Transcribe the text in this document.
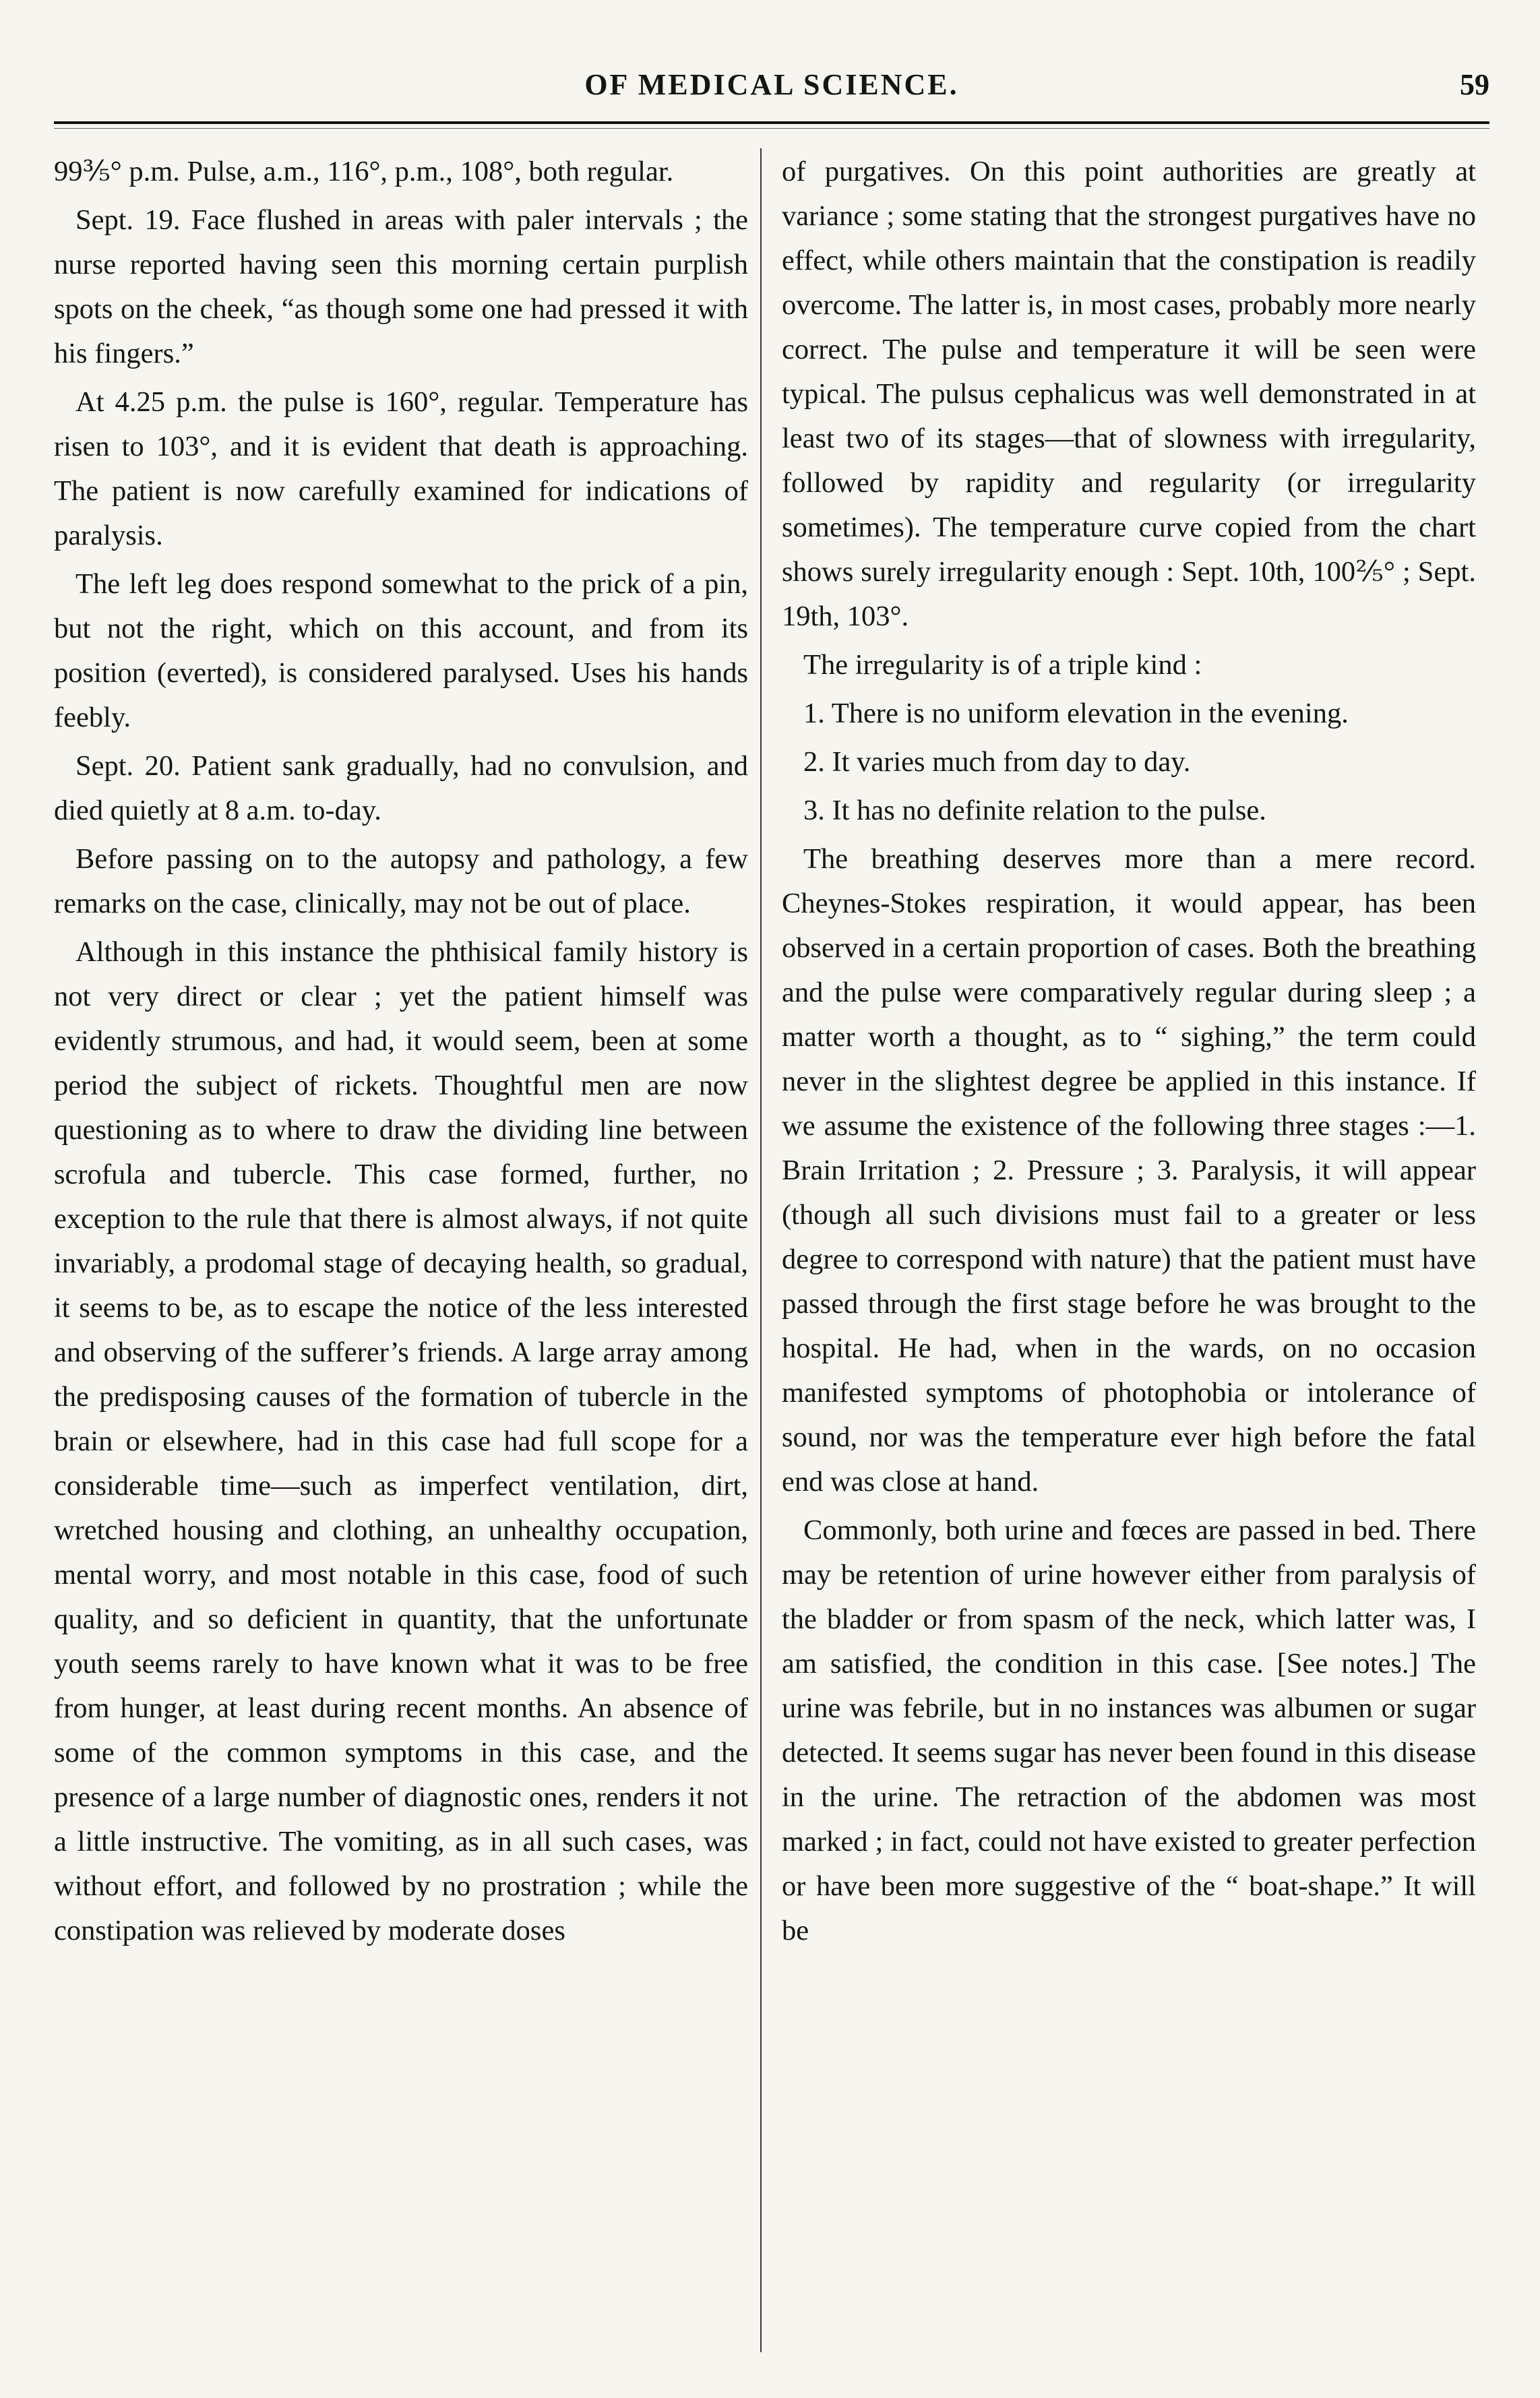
OF MEDICAL SCIENCE.	59

99⅗° p.m. Pulse, a.m., 116°, p.m., 108°, both regular.

Sept. 19. Face flushed in areas with paler intervals ; the nurse reported having seen this morning certain purplish spots on the cheek, “as though some one had pressed it with his fingers.”

At 4.25 p.m. the pulse is 160°, regular. Temperature has risen to 103°, and it is evident that death is approaching. The patient is now carefully examined for indications of paralysis.

The left leg does respond somewhat to the prick of a pin, but not the right, which on this account, and from its position (everted), is considered paralysed. Uses his hands feebly.

Sept. 20. Patient sank gradually, had no convulsion, and died quietly at 8 a.m. to-day.

Before passing on to the autopsy and pathology, a few remarks on the case, clinically, may not be out of place.

Although in this instance the phthisical family history is not very direct or clear ; yet the patient himself was evidently strumous, and had, it would seem, been at some period the subject of rickets. Thoughtful men are now questioning as to where to draw the dividing line between scrofula and tubercle. This case formed, further, no exception to the rule that there is almost always, if not quite invariably, a prodomal stage of decaying health, so gradual, it seems to be, as to escape the notice of the less interested and observing of the sufferer’s friends. A large array among the predisposing causes of the formation of tubercle in the brain or elsewhere, had in this case had full scope for a considerable time—such as imperfect ventilation, dirt, wretched housing and clothing, an unhealthy occupation, mental worry, and most notable in this case, food of such quality, and so deficient in quantity, that the unfortunate youth seems rarely to have known what it was to be free from hunger, at least during recent months. An absence of some of the common symptoms in this case, and the presence of a large number of diagnostic ones, renders it not a little instructive. The vomiting, as in all such cases, was without effort, and followed by no prostration ; while the constipation was relieved by moderate doses

of purgatives. On this point authorities are greatly at variance ; some stating that the strongest purgatives have no effect, while others maintain that the constipation is readily overcome. The latter is, in most cases, probably more nearly correct. The pulse and temperature it will be seen were typical. The pulsus cephalicus was well demonstrated in at least two of its stages—that of slowness with irregularity, followed by rapidity and regularity (or irregularity sometimes). The temperature curve copied from the chart shows surely irregularity enough : Sept. 10th, 100⅖° ; Sept. 19th, 103°.

The irregularity is of a triple kind :

1. There is no uniform elevation in the evening.

2. It varies much from day to day.

3. It has no definite relation to the pulse.

The breathing deserves more than a mere record. Cheynes-Stokes respiration, it would appear, has been observed in a certain proportion of cases. Both the breathing and the pulse were comparatively regular during sleep ; a matter worth a thought, as to “ sighing,” the term could never in the slightest degree be applied in this instance. If we assume the existence of the following three stages :—1. Brain Irritation ; 2. Pressure ; 3. Paralysis, it will appear (though all such divisions must fail to a greater or less degree to correspond with nature) that the patient must have passed through the first stage before he was brought to the hospital. He had, when in the wards, on no occasion manifested symptoms of photophobia or intolerance of sound, nor was the temperature ever high before the fatal end was close at hand.

Commonly, both urine and fœces are passed in bed. There may be retention of urine however either from paralysis of the bladder or from spasm of the neck, which latter was, I am satisfied, the condition in this case. [See notes.] The urine was febrile, but in no instances was albumen or sugar detected. It seems sugar has never been found in this disease in the urine. The retraction of the abdomen was most marked ; in fact, could not have existed to greater perfection or have been more suggestive of the “ boat-shape.” It will be
